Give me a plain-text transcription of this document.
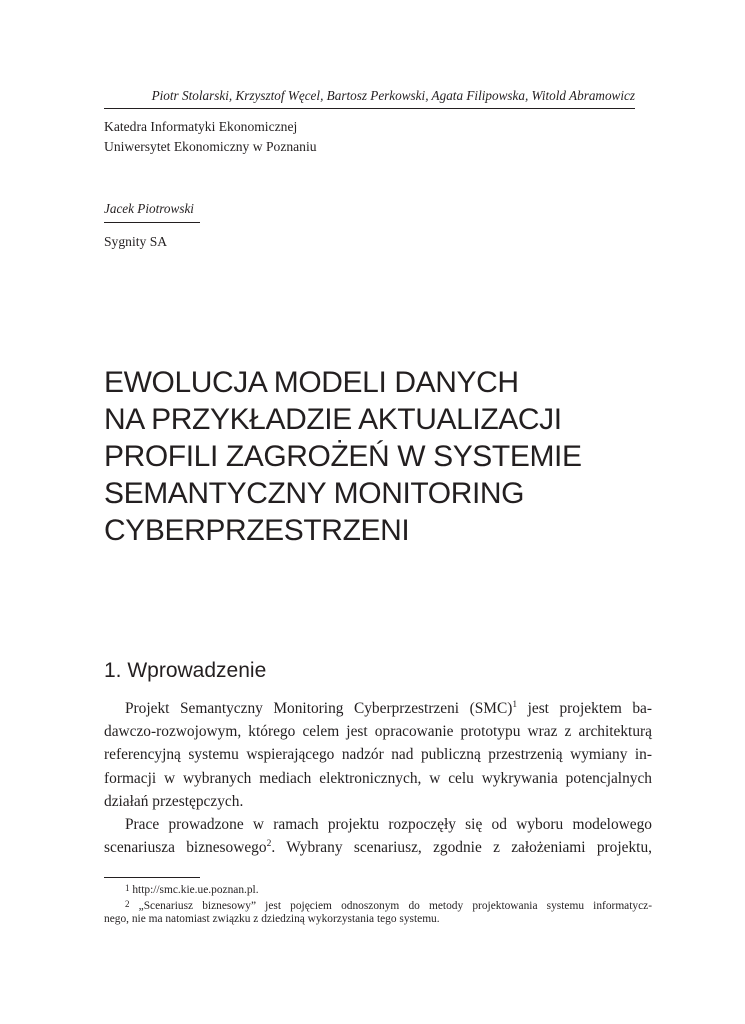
Piotr Stolarski, Krzysztof Węcel, Bartosz Perkowski, Agata Filipowska, Witold Abramowicz
Katedra Informatyki Ekonomicznej
Uniwersytet Ekonomiczny w Poznaniu
Jacek Piotrowski
Sygnity SA
EWOLUCJA MODELI DANYCH
NA PRZYKŁADZIE AKTUALIZACJI
PROFILI ZAGROŻEŃ W SYSTEMIE
SEMANTYCZNY MONITORING
CYBERPRZESTRZENI
1. Wprowadzenie
Projekt Semantyczny Monitoring Cyberprzestrzeni (SMC)$^1$ jest projektem ba-
dawczo-rozwojowym, którego celem jest opracowanie prototypu wraz z architekturą
referencyjną systemu wspierającego nadzór nad publiczną przestrzenią wymiany in-
formacji w wybranych mediach elektronicznych, w celu wykrywania potencjalnych
działań przestępczych.
Prace prowadzone w ramach projektu rozpoczęły się od wyboru modelowego
scenariusza biznesowego$^2$. Wybrany scenariusz, zgodnie z założeniami projektu,
1 http://smc.kie.ue.poznan.pl.
2 „Scenariusz biznesowy” jest pojęciem odnoszonym do metody projektowania systemu informatycz-
nego, nie ma natomiast związku z dziedziną wykorzystania tego systemu.
